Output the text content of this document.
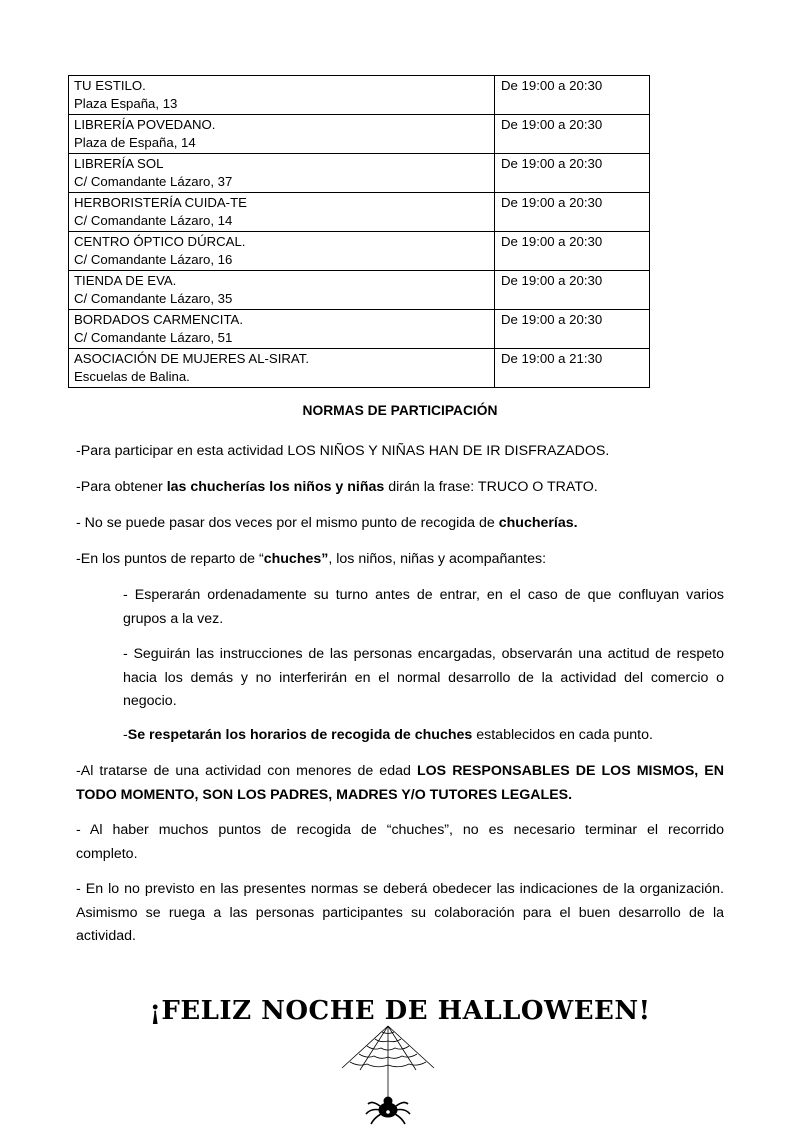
TU ESTILO.
Plaza España, 13	De 19:00 a 20:30

LIBRERÍA POVEDANO.
Plaza de España, 14	De 19:00 a 20:30

LIBRERÍA SOL
C/ Comandante Lázaro, 37	De 19:00 a 20:30

HERBORISTERÍA CUIDA-TE
C/ Comandante Lázaro, 14	De 19:00 a 20:30

CENTRO ÓPTICO DÚRCAL.
C/ Comandante Lázaro, 16	De 19:00 a 20:30

TIENDA DE EVA.
C/ Comandante Lázaro, 35	De 19:00 a 20:30

BORDADOS CARMENCITA.
C/ Comandante Lázaro, 51	De 19:00 a 20:30

ASOCIACIÓN DE MUJERES AL-SIRAT.
Escuelas de Balina.	De 19:00 a 21:30
NORMAS DE PARTICIPACIÓN
-Para participar en esta actividad LOS NIÑOS Y NIÑAS HAN DE IR DISFRAZADOS.
-Para obtener las chucherías los niños y niñas dirán la frase: TRUCO O TRATO.
- No se puede pasar dos veces por el mismo punto de recogida de chucherías.
-En los puntos de reparto de “chuches”, los niños, niñas y acompañantes:
- Esperarán ordenadamente su turno antes de entrar, en el caso de que confluyan varios
grupos a la vez.
- Seguirán las instrucciones de las personas encargadas, observarán una actitud de respeto
hacia los demás y no interferirán en el normal desarrollo de la actividad del comercio o
negocio.
-Se respetarán los horarios de recogida de chuches establecidos en cada punto.
-Al tratarse de una actividad con menores de edad LOS RESPONSABLES DE LOS MISMOS, EN
TODO MOMENTO, SON LOS PADRES, MADRES Y/O TUTORES LEGALES.
- Al haber muchos puntos de recogida de “chuches”, no es necesario terminar el recorrido
completo.
- En lo no previsto en las presentes normas se deberá obedecer las indicaciones de la organización.
Asimismo se ruega a las personas participantes su colaboración para el buen desarrollo de la
actividad.
¡FELIZ NOCHE DE HALLOWEEN!
